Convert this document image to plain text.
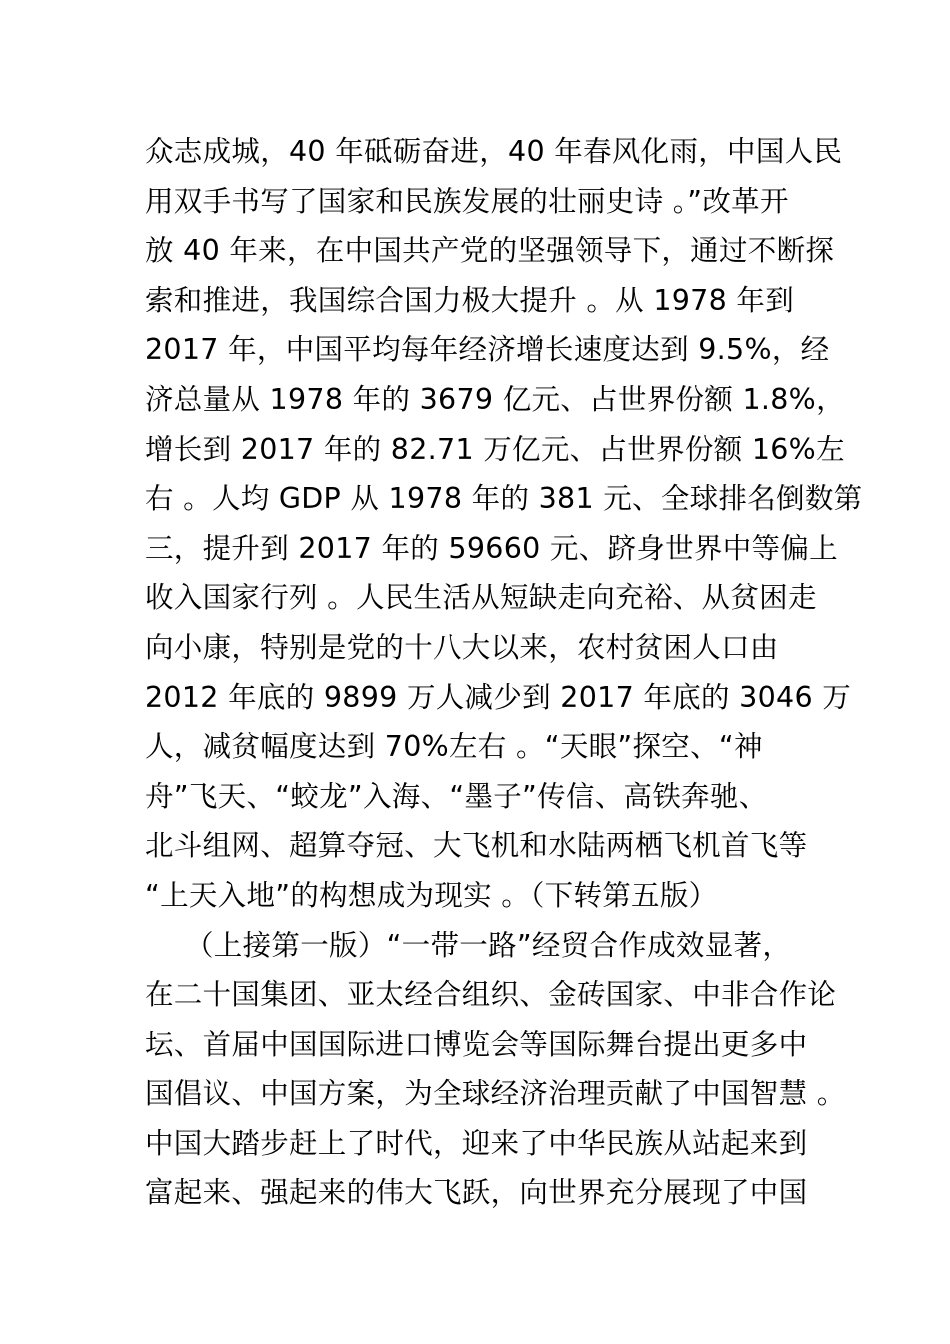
众志成城，40 年砥砺奋进，40 年春风化雨，中国人民
用双手书写了国家和民族发展的壮丽史诗 。”改革开
放 40 年来，在中国共产党的坚强领导下，通过不断探
索和推进，我国综合国力极大提升 。从 1978 年到
2017 年，中国平均每年经济增长速度达到 9.5%，经
济总量从 1978 年的 3679 亿元、占世界份额 1.8%，
增长到 2017 年的 82.71 万亿元、占世界份额 16%左
右 。人均 GDP 从 1978 年的 381 元、全球排名倒数第
三，提升到 2017 年的 59660 元、跻身世界中等偏上
收入国家行列 。人民生活从短缺走向充裕、从贫困走
向小康，特别是党的十八大以来，农村贫困人口由
2012 年底的 9899 万人减少到 2017 年底的 3046 万
人，减贫幅度达到 70%左右 。“天眼”探空、“神
舟”飞天、“蛟龙”入海、“墨子”传信、高铁奔驰、
北斗组网、超算夺冠、大飞机和水陆两栖飞机首飞等
“上天入地”的构想成为现实 。（下转第五版）
（上接第一版）“一带一路”经贸合作成效显著，
在二十国集团、亚太经合组织、金砖国家、中非合作论
坛、首届中国国际进口博览会等国际舞台提出更多中
国倡议、中国方案，为全球经济治理贡献了中国智慧 。
中国大踏步赶上了时代，迎来了中华民族从站起来到
富起来、强起来的伟大飞跃，向世界充分展现了中国
